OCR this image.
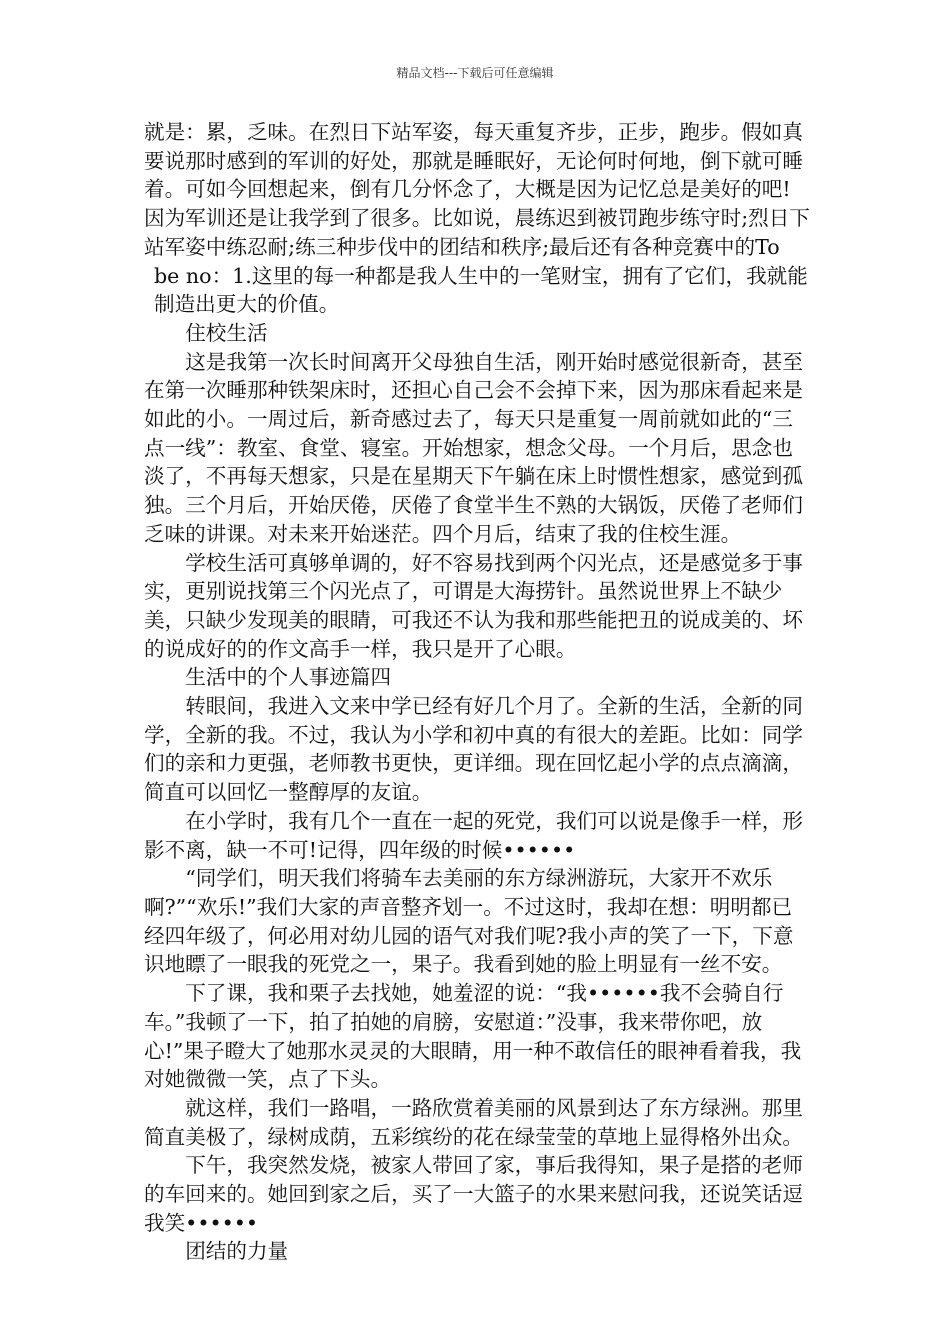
精品文档---下载后可任意编辑

就是：累，乏味。在烈日下站军姿，每天重复齐步，正步，跑步。假如真要说那时感到的军训的好处，那就是睡眠好，无论何时何地，倒下就可睡着。可如今回想起来，倒有几分怀念了，大概是因为记忆总是美好的吧!因为军训还是让我学到了很多。比如说，晨练迟到被罚跑步练守时;烈日下站军姿中练忍耐;练三种步伐中的团结和秩序;最后还有各种竞赛中的To

be no：1.这里的每一种都是我人生中的一笔财宝，拥有了它们，我就能制造出更大的价值。

住校生活

这是我第一次长时间离开父母独自生活，刚开始时感觉很新奇，甚至在第一次睡那种铁架床时，还担心自己会不会掉下来，因为那床看起来是如此的小。一周过后，新奇感过去了，每天只是重复一周前就如此的“三点一线”：教室、食堂、寝室。开始想家，想念父母。一个月后，思念也淡了，不再每天想家，只是在星期天下午躺在床上时惯性想家，感觉到孤独。三个月后，开始厌倦，厌倦了食堂半生不熟的大锅饭，厌倦了老师们乏味的讲课。对未来开始迷茫。四个月后，结束了我的住校生涯。

学校生活可真够单调的，好不容易找到两个闪光点，还是感觉多于事实，更别说找第三个闪光点了，可谓是大海捞针。虽然说世界上不缺少美，只缺少发现美的眼睛，可我还不认为我和那些能把丑的说成美的、坏的说成好的的作文高手一样，我只是开了心眼。

生活中的个人事迹篇四

转眼间，我进入文来中学已经有好几个月了。全新的生活，全新的同学，全新的我。不过，我认为小学和初中真的有很大的差距。比如：同学们的亲和力更强，老师教书更快，更详细。现在回忆起小学的点点滴滴，简直可以回忆一整醇厚的友谊。

在小学时，我有几个一直在一起的死党，我们可以说是像手一样，形影不离，缺一不可!记得，四年级的时候••••••

“同学们，明天我们将骑车去美丽的东方绿洲游玩，大家开不欢乐啊?”“欢乐!”我们大家的声音整齐划一。不过这时，我却在想：明明都已经四年级了，何必用对幼儿园的语气对我们呢?我小声的笑了一下，下意识地瞟了一眼我的死党之一，果子。我看到她的脸上明显有一丝不安。

下了课，我和栗子去找她，她羞涩的说：“我••••••我不会骑自行车。”我顿了一下，拍了拍她的肩膀，安慰道：”没事，我来带你吧，放心!”果子瞪大了她那水灵灵的大眼睛，用一种不敢信任的眼神看着我，我对她微微一笑，点了下头。

就这样，我们一路唱，一路欣赏着美丽的风景到达了东方绿洲。那里简直美极了，绿树成荫，五彩缤纷的花在绿莹莹的草地上显得格外出众。

下午，我突然发烧，被家人带回了家，事后我得知，果子是搭的老师的车回来的。她回到家之后，买了一大篮子的水果来慰问我，还说笑话逗我笑••••••

团结的力量
